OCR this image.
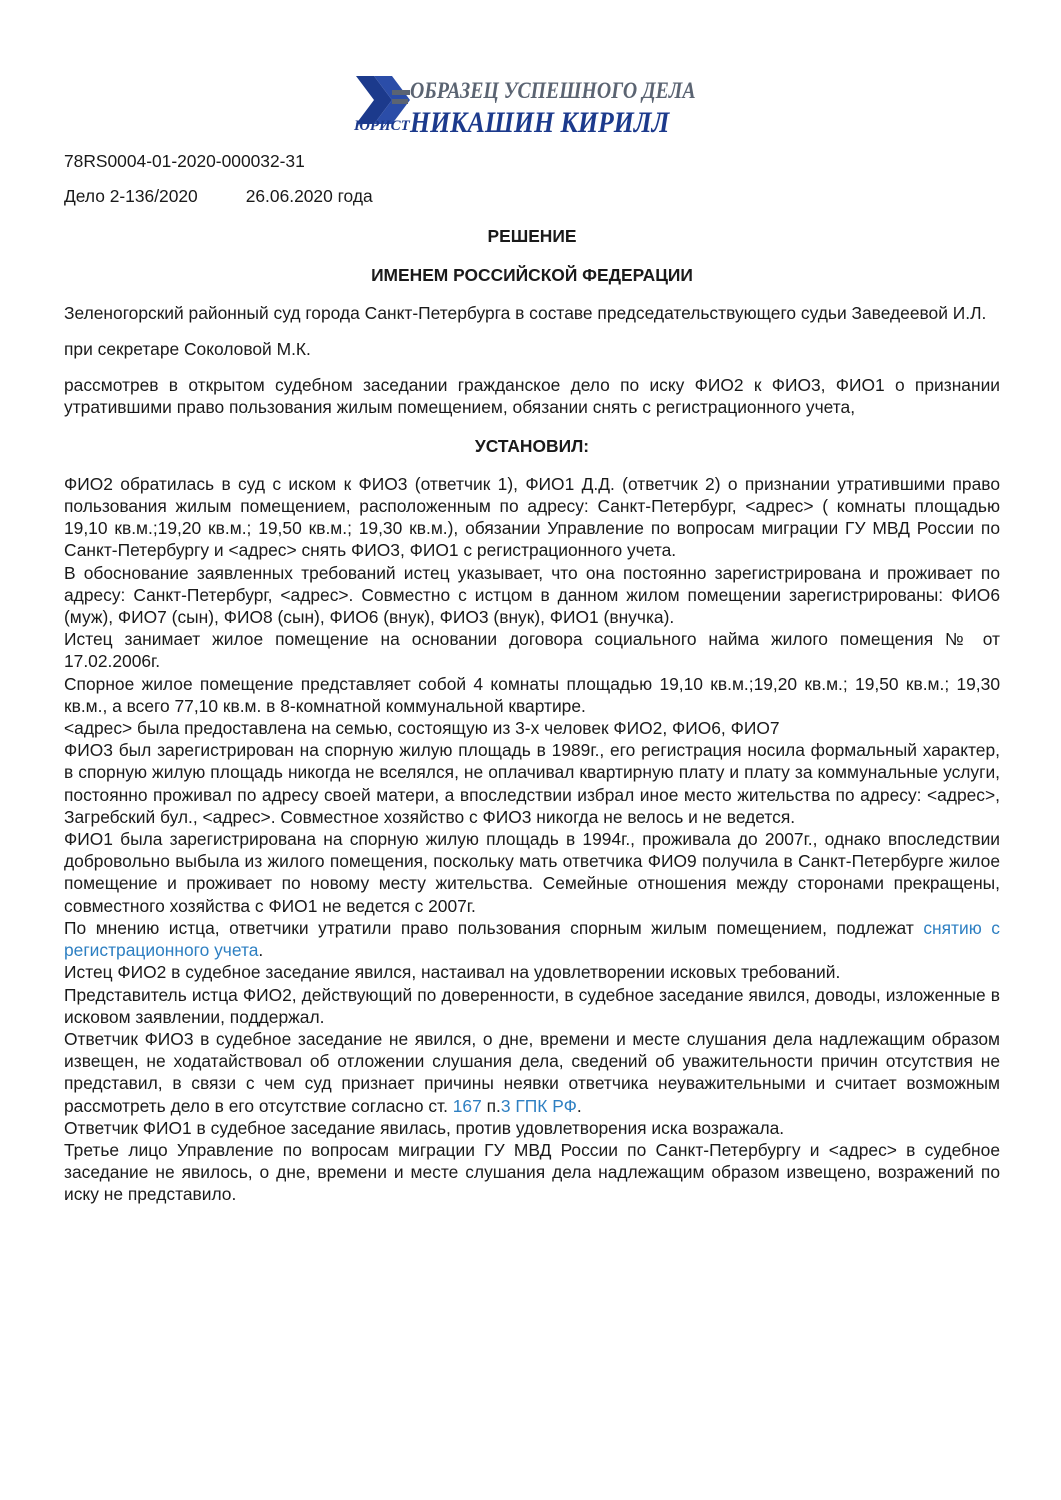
ОБРАЗЕЦ УСПЕШНОГО ДЕЛА
ЮРИСТ НИКАШИН КИРИЛЛ

78RS0004-01-2020-000032-31

Дело 2-136/2020	26.06.2020 года

РЕШЕНИЕ

ИМЕНЕМ РОССИЙСКОЙ ФЕДЕРАЦИИ

Зеленогорский районный суд города Санкт-Петербурга в составе председательствующего судьи Заведеевой И.Л.

при секретаре Соколовой М.К.

рассмотрев в открытом судебном заседании гражданское дело по иску ФИО2 к ФИО3, ФИО1 о признании утратившими право пользования жилым помещением, обязании снять с регистрационного учета,

УСТАНОВИЛ:

ФИО2 обратилась в суд с иском к ФИО3 (ответчик 1), ФИО1 Д.Д. (ответчик 2) о признании утратившими право пользования жилым помещением, расположенным по адресу: Санкт-Петербург, <адрес> ( комнаты площадью 19,10 кв.м.;19,20 кв.м.; 19,50 кв.м.; 19,30 кв.м.), обязании Управление по вопросам миграции ГУ МВД России по Санкт-Петербургу и <адрес> снять ФИО3, ФИО1 с регистрационного учета.

В обоснование заявленных требований истец указывает, что она постоянно зарегистрирована и проживает по адресу: Санкт-Петербург, <адрес>. Совместно с истцом в данном жилом помещении зарегистрированы: ФИО6 (муж), ФИО7 (сын), ФИО8 (сын), ФИО6 (внук), ФИО3 (внук), ФИО1 (внучка).

Истец занимает жилое помещение на основании договора социального найма жилого помещения № от 17.02.2006г.

Спорное жилое помещение представляет собой 4 комнаты площадью 19,10 кв.м.;19,20 кв.м.; 19,50 кв.м.; 19,30 кв.м., а всего 77,10 кв.м. в 8-комнатной коммунальной квартире.

<адрес> была предоставлена на семью, состоящую из 3-х человек ФИО2, ФИО6, ФИО7

ФИО3 был зарегистрирован на спорную жилую площадь в 1989г., его регистрация носила формальный характер, в спорную жилую площадь никогда не вселялся, не оплачивал квартирную плату и плату за коммунальные услуги, постоянно проживал по адресу своей матери, а впоследствии избрал иное место жительства по адресу: <адрес>, Загребский бул., <адрес>. Совместное хозяйство с ФИО3 никогда не велось и не ведется.

ФИО1 была зарегистрирована на спорную жилую площадь в 1994г., проживала до 2007г., однако впоследствии добровольно выбыла из жилого помещения, поскольку мать ответчика ФИО9 получила в Санкт-Петербурге жилое помещение и проживает по новому месту жительства. Семейные отношения между сторонами прекращены, совместного хозяйства с ФИО1 не ведется с 2007г.

По мнению истца, ответчики утратили право пользования спорным жилым помещением, подлежат снятию с регистрационного учета.

Истец ФИО2 в судебное заседание явился, настаивал на удовлетворении исковых требований.

Представитель истца ФИО2, действующий по доверенности, в судебное заседание явился, доводы, изложенные в исковом заявлении, поддержал.

Ответчик ФИО3 в судебное заседание не явился, о дне, времени и месте слушания дела надлежащим образом извещен, не ходатайствовал об отложении слушания дела, сведений об уважительности причин отсутствия не представил, в связи с чем суд признает причины неявки ответчика неуважительными и считает возможным рассмотреть дело в его отсутствие согласно ст. 167 п.3 ГПК РФ.

Ответчик ФИО1 в судебное заседание явилась, против удовлетворения иска возражала.

Третье лицо Управление по вопросам миграции ГУ МВД России по Санкт-Петербургу и <адрес> в судебное заседание не явилось, о дне, времени и месте слушания дела надлежащим образом извещено, возражений по иску не представило.
